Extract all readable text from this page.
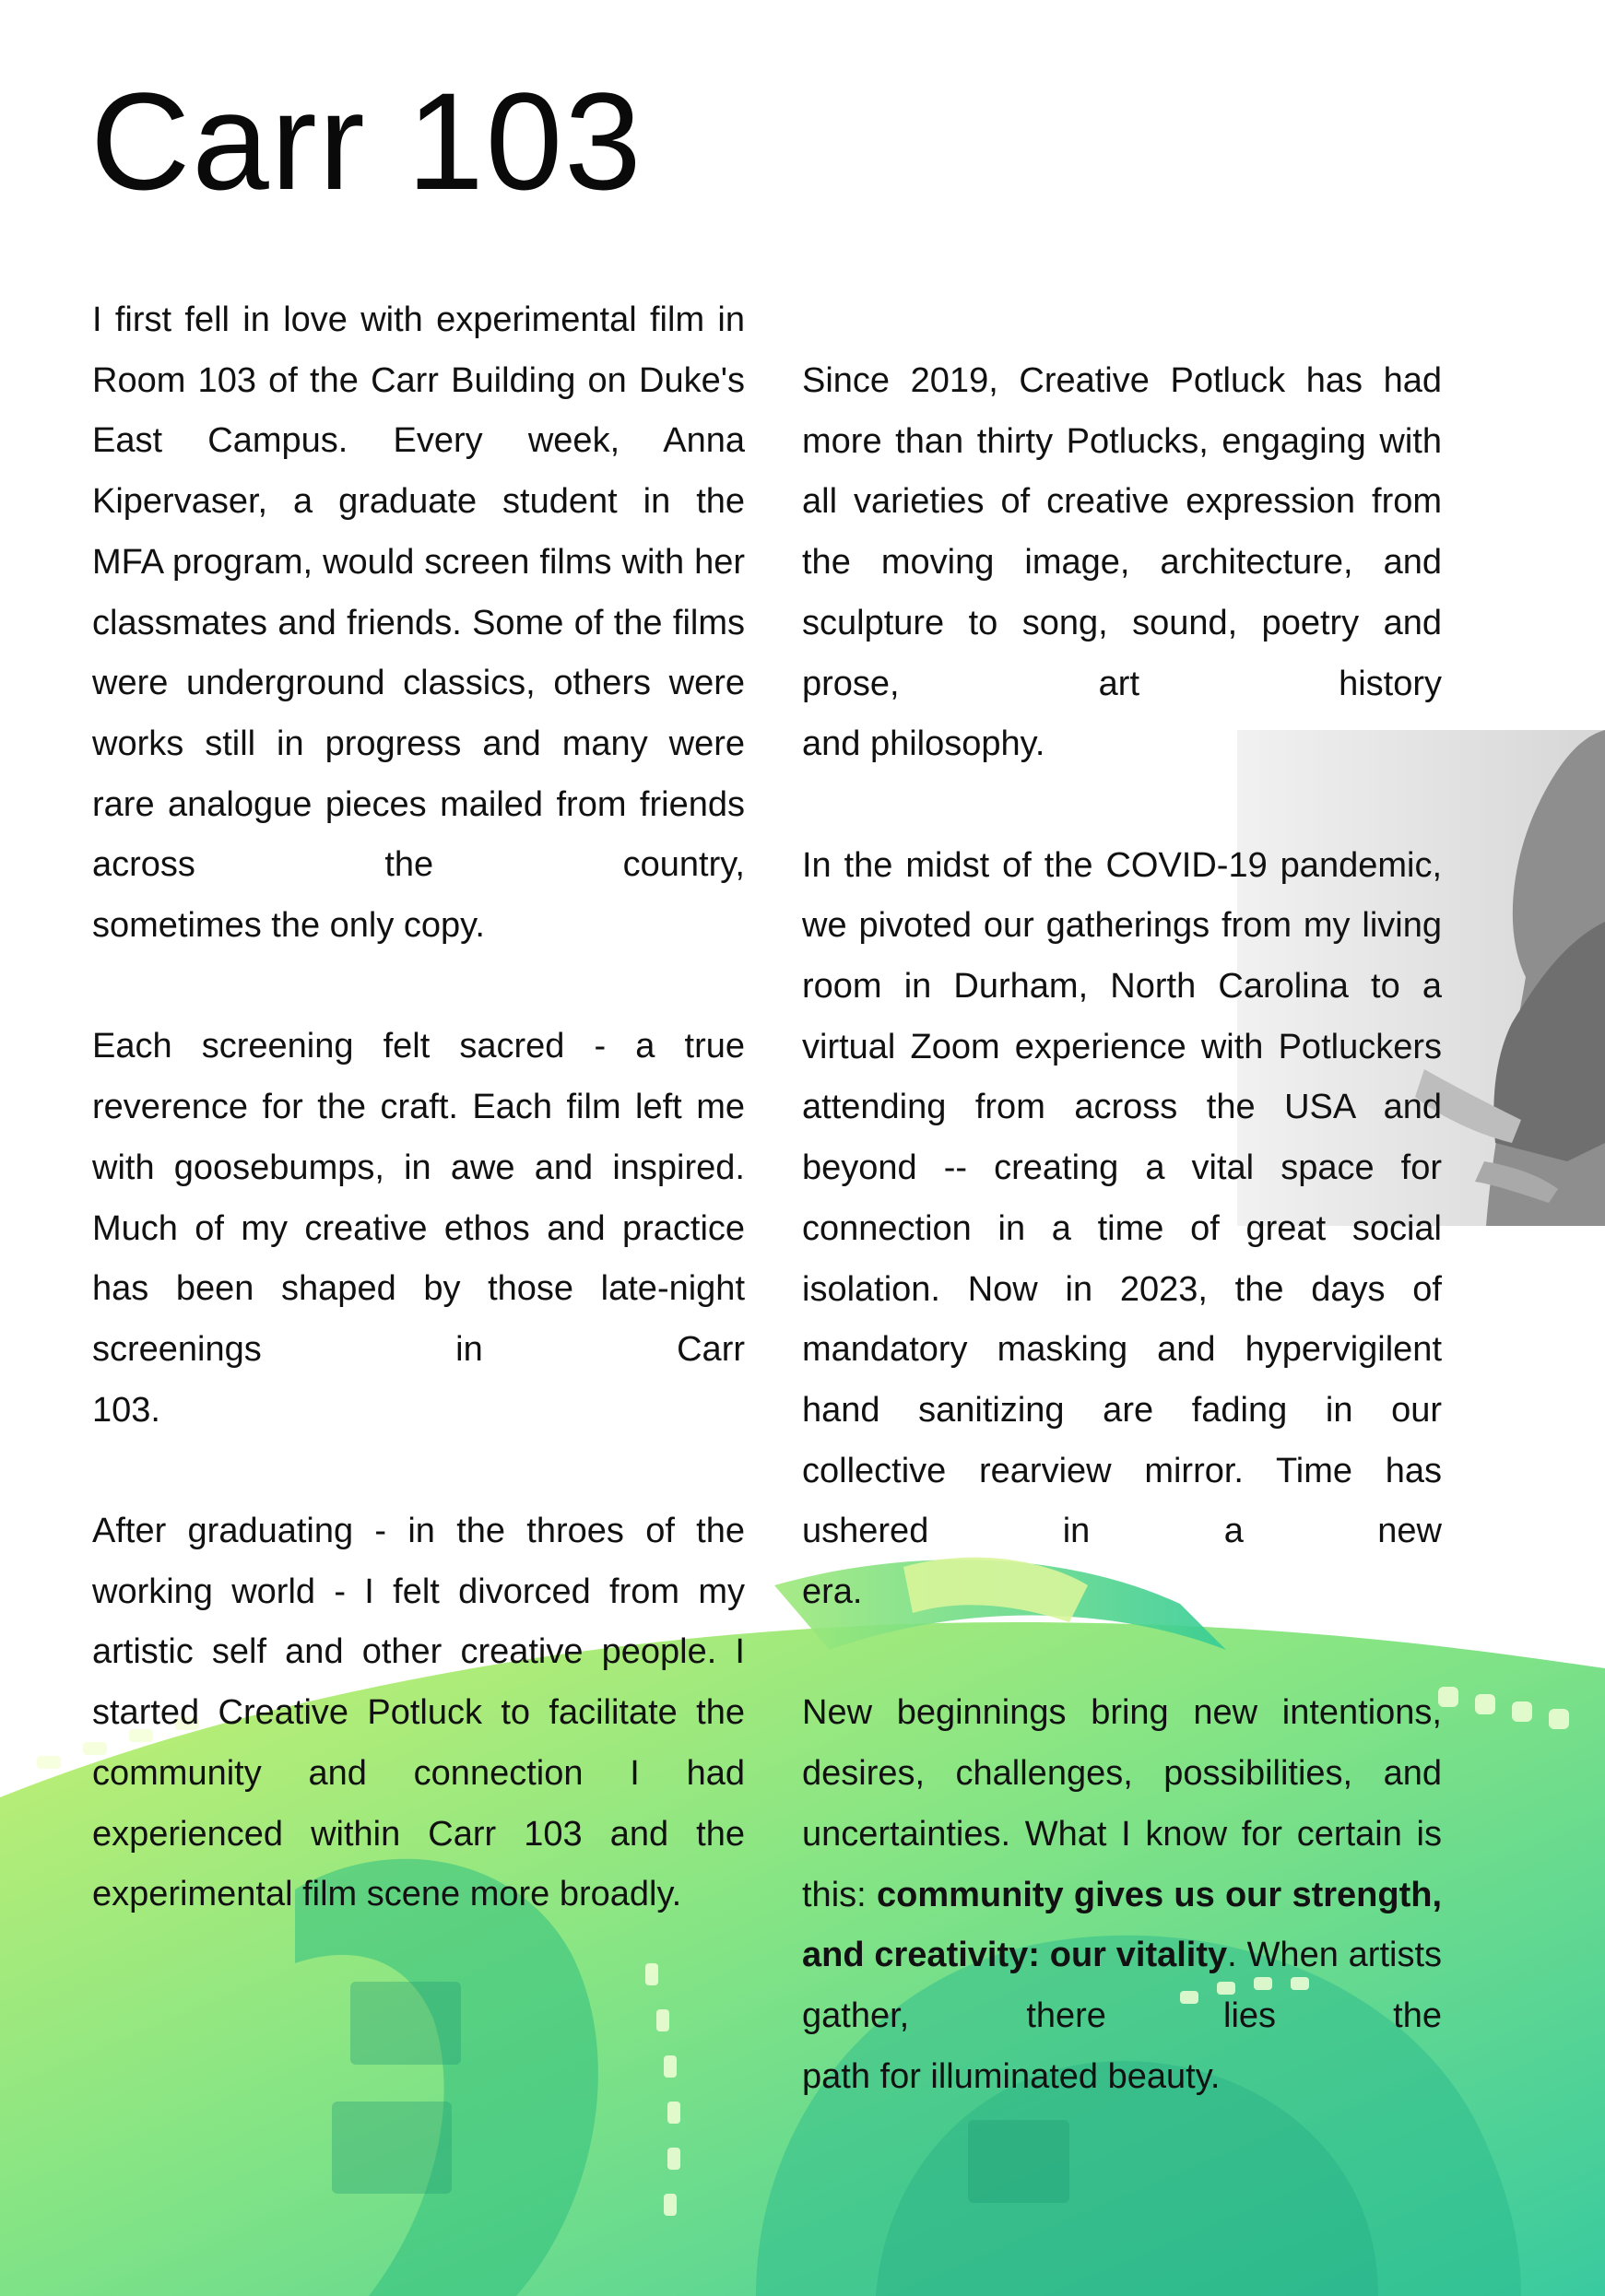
Carr 103

I first fell in love with experimental film in Room 103 of the Carr Building on Duke's East Campus. Every week, Anna Kipervaser, a graduate student in the MFA program, would screen films with her classmates and friends. Some of the films were underground classics, others were works still in progress and many were rare analogue pieces mailed from friends across the country,

sometimes the only copy.

Each screening felt sacred - a true reverence for the craft. Each film left me with goosebumps, in awe and inspired. Much of my creative ethos and practice has been shaped by those late-night screenings in Carr

103.

After graduating - in the throes of the working world - I felt divorced from my artistic self and other creative people. I started Creative Potluck to facilitate the community and connection I had experienced within Carr 103 and the

experimental film scene more broadly.

Since 2019, Creative Potluck has had more than thirty Potlucks, engaging with all varieties of creative expression from the moving image, architecture, and sculpture to song, sound, poetry and prose, art history

and philosophy.

In the midst of the COVID-19 pandemic, we pivoted our gatherings from my living room in Durham, North Carolina to a virtual Zoom experience with Potluckers attending from across the USA and beyond -- creating a vital space for connection in a time of great social isolation. Now in 2023, the days of mandatory masking and hypervigilent hand sanitizing are fading in our collective rearview mirror. Time has ushered in a new

era.

New beginnings bring new intentions, desires, challenges, possibilities, and uncertainties. What I know for certain is this: community gives us our strength, and creativity: our vitality. When artists gather, there lies the

path for illuminated beauty.
